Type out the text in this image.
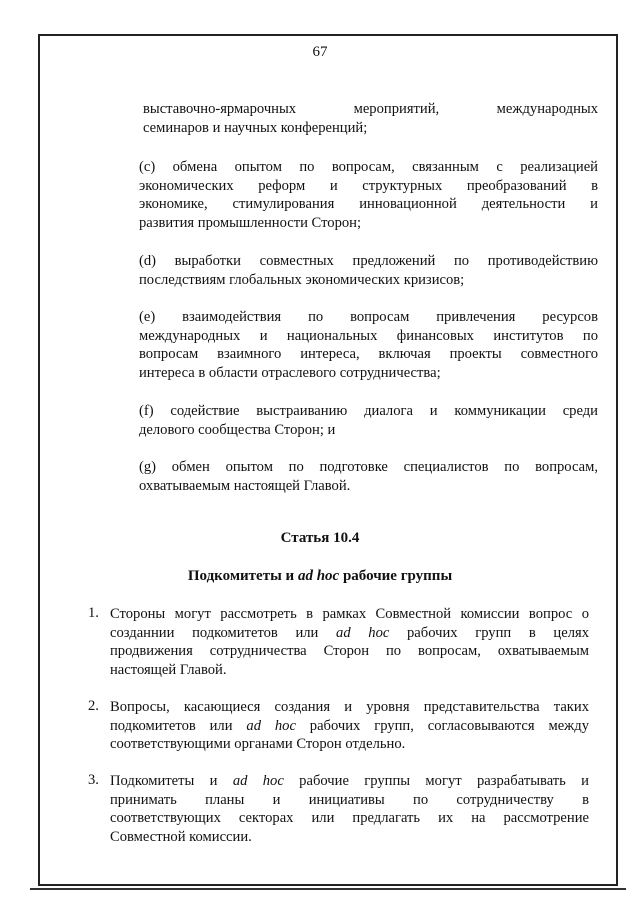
67
выставочно-ярмарочных мероприятий, международных
семинаров и научных конференций;
(c) обмена опытом по вопросам, связанным с реализацией
экономических реформ и структурных преобразований в
экономике, стимулирования инновационной деятельности и
развития промышленности Сторон;
(d) выработки совместных предложений по противодействию
последствиям глобальных экономических кризисов;
(e) взаимодействия по вопросам привлечения ресурсов
международных и национальных финансовых институтов по
вопросам взаимного интереса, включая проекты совместного
интереса в области отраслевого сотрудничества;
(f) содействие выстраиванию диалога и коммуникации среди
делового сообщества Сторон; и
(g) обмен опытом по подготовке специалистов по вопросам,
охватываемым настоящей Главой.
Статья 10.4
Подкомитеты и ad hoc рабочие группы
1. Стороны могут рассмотреть в рамках Совместной комиссии вопрос о
созданнии подкомитетов или ad hoc рабочих групп в целях
продвижения сотрудничества Сторон по вопросам, охватываемым
настоящей Главой.
2. Вопросы, касающиеся создания и уровня представительства таких
подкомитетов или ad hoc рабочих групп, согласовываются между
соответствующими органами Сторон отдельно.
3. Подкомитеты и ad hoc рабочие группы могут разрабатывать и
принимать планы и инициативы по сотрудничеству в
соответствующих секторах или предлагать их на рассмотрение
Совместной комиссии.
